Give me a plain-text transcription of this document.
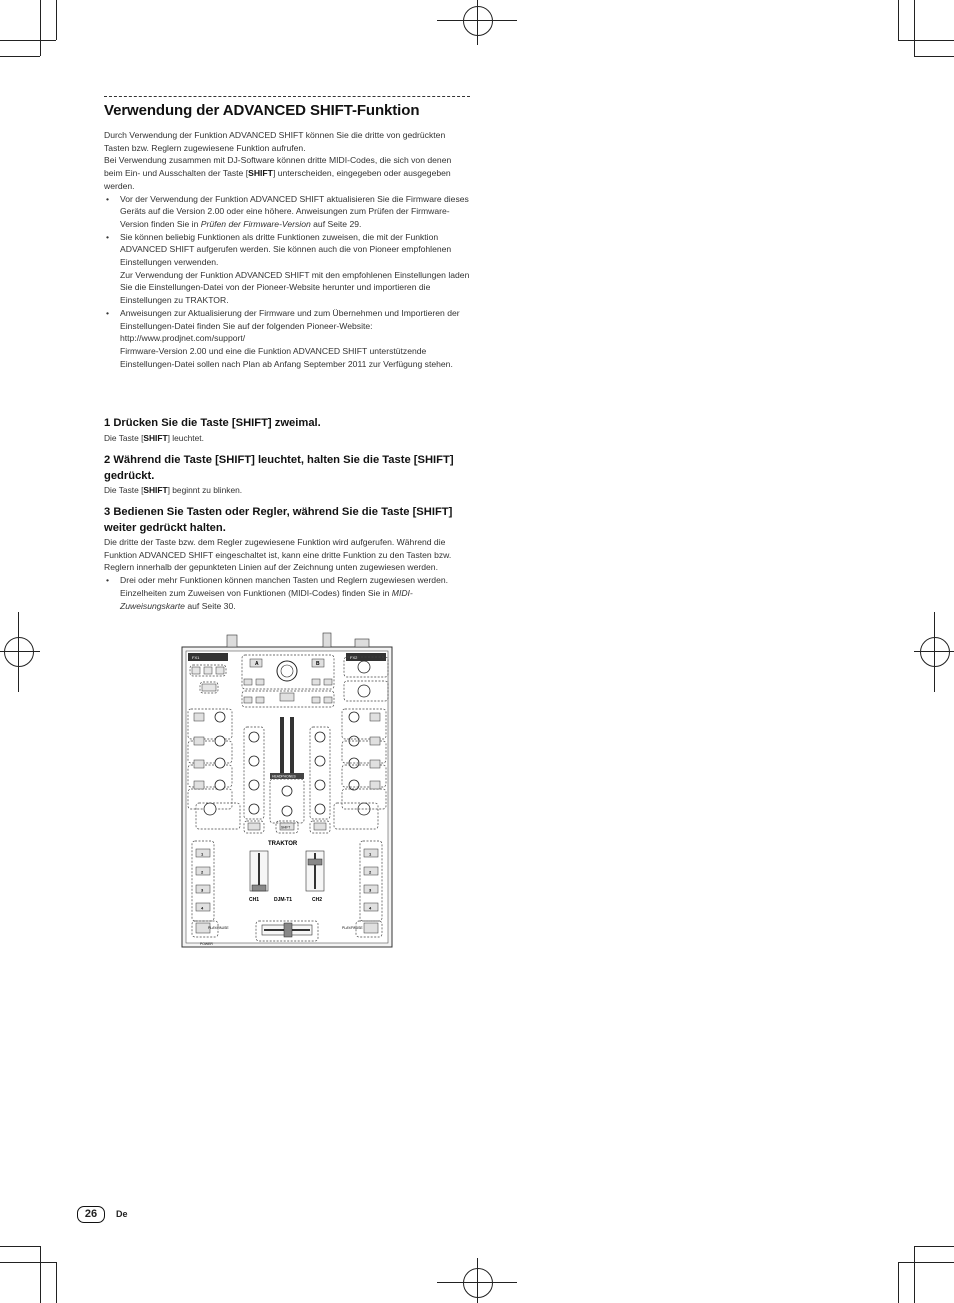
Verwendung der ADVANCED SHIFT-Funktion

Durch Verwendung der Funktion ADVANCED SHIFT können Sie die dritte von gedrückten Tasten bzw. Reglern zugewiesene Funktion aufrufen.

Bei Verwendung zusammen mit DJ-Software können dritte MIDI-Codes, die sich von denen beim Ein- und Ausschalten der Taste [SHIFT] unterscheiden, eingegeben oder ausgegeben werden.

• Vor der Verwendung der Funktion ADVANCED SHIFT aktualisieren Sie die Firmware dieses Geräts auf die Version 2.00 oder eine höhere. Anweisungen zum Prüfen der Firmware-Version finden Sie in Prüfen der Firmware-Version auf Seite 29.

• Sie können beliebig Funktionen als dritte Funktionen zuweisen, die mit der Funktion ADVANCED SHIFT aufgerufen werden. Sie können auch die von Pioneer empfohlenen Einstellungen verwenden.

Zur Verwendung der Funktion ADVANCED SHIFT mit den empfohlenen Einstellungen laden Sie die Einstellungen-Datei von der Pioneer-Website herunter und importieren die Einstellungen zu TRAKTOR.

• Anweisungen zur Aktualisierung der Firmware und zum Übernehmen und Importieren der Einstellungen-Datei finden Sie auf der folgenden Pioneer-Website:

http://www.prodjnet.com/support/

Firmware-Version 2.00 und eine die Funktion ADVANCED SHIFT unterstützende Einstellungen-Datei sollen nach Plan ab Anfang September 2011 zur Verfügung stehen.

1 Drücken Sie die Taste [SHIFT] zweimal.

Die Taste [SHIFT] leuchtet.

2 Während die Taste [SHIFT] leuchtet, halten Sie die Taste [SHIFT] gedrückt.

Die Taste [SHIFT] beginnt zu blinken.

3 Bedienen Sie Tasten oder Regler, während Sie die Taste [SHIFT] weiter gedrückt halten.

Die dritte der Taste bzw. dem Regler zugewiesene Funktion wird aufgerufen. Während die Funktion ADVANCED SHIFT eingeschaltet ist, kann eine dritte Funktion zu den Tasten bzw. Reglern innerhalb der gepunkteten Linien auf der Zeichnung unten zugewiesen werden.

• Drei oder mehr Funktionen können manchen Tasten und Reglern zugewiesen werden. Einzelheiten zum Zuweisen von Funktionen (MIDI-Codes) finden Sie in MIDI-Zuweisungskarte auf Seite 30.
A	B
HEADPHONES
SHIFT
TRAKTOR
CH1	CH2
DJM-T1
PLAY/PAUSE	PLAY/PAUSE
POWER
1
2
3
4
1
2
3
4
FX1	FX2
26	De
